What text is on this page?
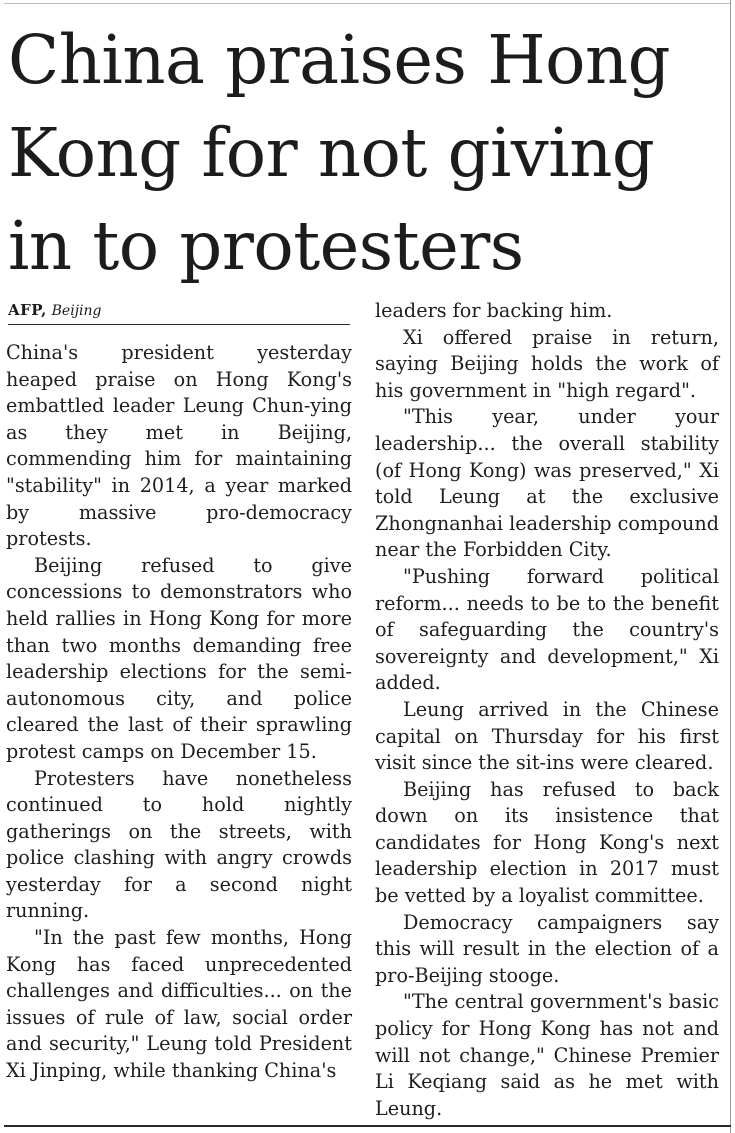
China praises Hong Kong for not giving in to protesters
AFP, Beijing

China's president yesterday heaped praise on Hong Kong's embattled leader Leung Chun-ying as they met in Beijing, commending him for maintaining "stability" in 2014, a year marked by massive pro-democracy protests.

Beijing refused to give concessions to demonstrators who held rallies in Hong Kong for more than two months demanding free leadership elections for the semi-autonomous city, and police cleared the last of their sprawling protest camps on December 15.

Protesters have nonetheless continued to hold nightly gatherings on the streets, with police clashing with angry crowds yesterday for a second night running.

"In the past few months, Hong Kong has faced unprecedented challenges and difficulties... on the issues of rule of law, social order and security," Leung told President Xi Jinping, while thanking China's

leaders for backing him.

Xi offered praise in return, saying Beijing holds the work of his government in "high regard".

"This year, under your leadership... the overall stability (of Hong Kong) was preserved," Xi told Leung at the exclusive Zhongnanhai leadership compound near the Forbidden City.

"Pushing forward political reform... needs to be to the benefit of safeguarding the country's sovereignty and development," Xi added.

Leung arrived in the Chinese capital on Thursday for his first visit since the sit-ins were cleared.

Beijing has refused to back down on its insistence that candidates for Hong Kong's next leadership election in 2017 must be vetted by a loyalist committee.

Democracy campaigners say this will result in the election of a pro-Beijing stooge.

"The central government's basic policy for Hong Kong has not and will not change," Chinese Premier Li Keqiang said as he met with Leung.
